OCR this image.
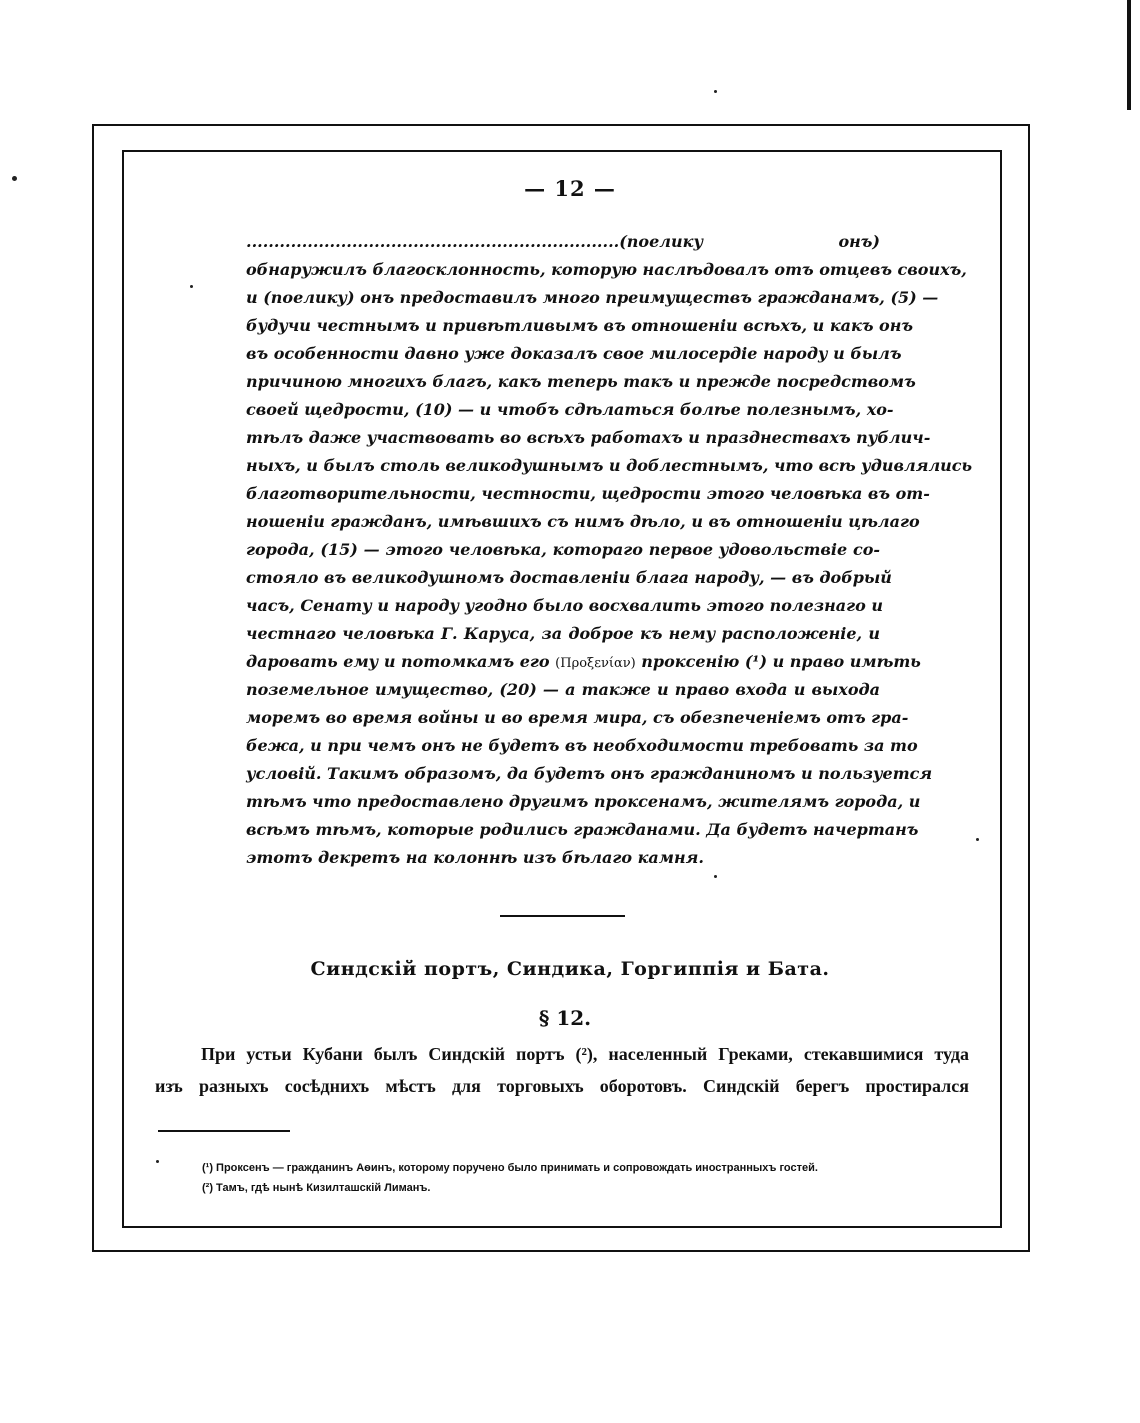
— 12 —
...................................................................(поелику онъ)
обнаружилъ благосклонность, которую наслѣдовалъ отъ отцевъ своихъ,
и (поелику) онъ предоставилъ много преимуществъ гражданамъ, (5) —
будучи честнымъ и привѣтливымъ въ отношеніи всѣхъ, и какъ онъ
въ особенности давно уже доказалъ свое милосердіе народу и былъ
причиною многихъ благъ, какъ теперь такъ и прежде посредствомъ
своей щедрости, (10) — и чтобъ сдѣлаться болѣе полезнымъ, хо-
тѣлъ даже участвовать во всѣхъ работахъ и празднествахъ публич-
ныхъ, и былъ столь великодушнымъ и доблестнымъ, что всѣ удивлялись
благотворительности, честности, щедрости этого человѣка въ от-
ношеніи гражданъ, имѣвшихъ съ нимъ дѣло, и въ отношеніи цѣлаго
города, (15) — этого человѣка, котораго первое удовольствіе со-
стояло въ великодушномъ доставленіи блага народу, — въ добрый
часъ, Сенату и народу угодно было восхвалить этого полезнаго и
честнаго человѣка Г. Каруса, за доброе къ нему расположеніе, и
даровать ему и потомкамъ его (Προξενίαν) проксенію (¹) и право имѣть
поземельное имущество, (20) — а также и право входа и выхода
моремъ во время войны и во время мира, съ обезпеченіемъ отъ гра-
бежа, и при чемъ онъ не будетъ въ необходимости требовать за то
условій. Такимъ образомъ, да будетъ онъ гражданиномъ и пользуется
тѣмъ что предоставлено другимъ проксенамъ, жителямъ города, и
всѣмъ тѣмъ, которые родились гражданами. Да будетъ начертанъ
этотъ декретъ на колоннѣ изъ бѣлаго камня.
Синдскій портъ, Синдика, Горгиппія и Бата.
§ 12.
При устьи Кубани былъ Синдскій портъ (²), населенный Греками, стекавшимися туда
изъ разныхъ сосѣднихъ мѣстъ для торговыхъ оборотовъ. Синдскій берегъ простирался
(¹) Проксенъ — гражданинъ Аѳинъ, которому поручено было принимать и сопровождать иностранныхъ гостей.
(²) Тамъ, гдѣ нынѣ Кизилташскій Лиманъ.
